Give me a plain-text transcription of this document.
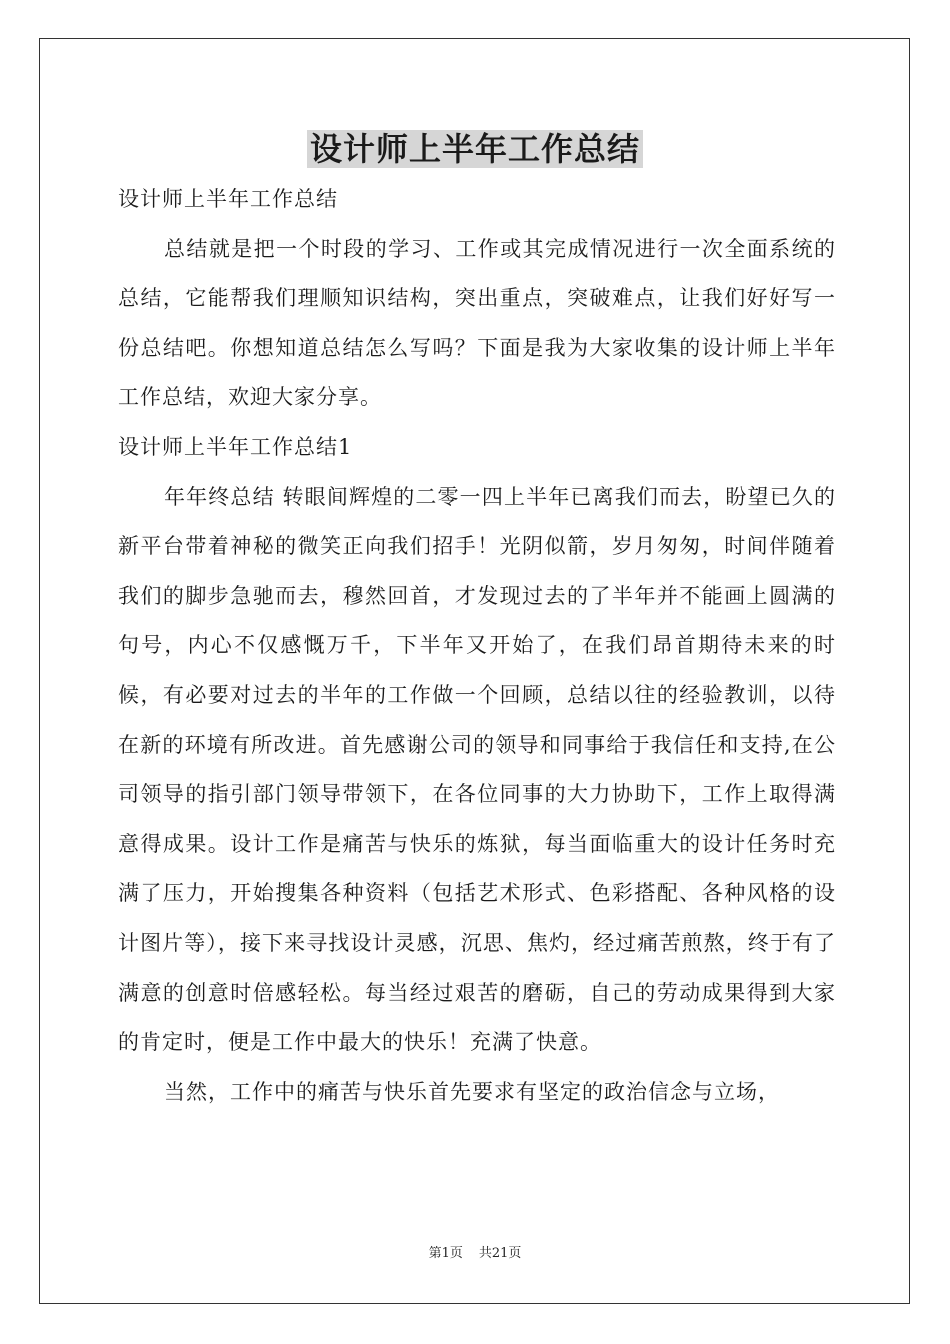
设计师上半年工作总结

设计师上半年工作总结

总结就是把一个时段的学习、工作或其完成情况进行一次全面系统的总结，它能帮我们理顺知识结构，突出重点，突破难点，让我们好好写一份总结吧。你想知道总结怎么写吗？下面是我为大家收集的设计师上半年工作总结，欢迎大家分享。

设计师上半年工作总结1

年年终总结 转眼间辉煌的二零一四上半年已离我们而去，盼望已久的新平台带着神秘的微笑正向我们招手！光阴似箭，岁月匆匆，时间伴随着我们的脚步急驰而去，穆然回首，才发现过去的了半年并不能画上圆满的句号，内心不仅感慨万千，下半年又开始了，在我们昂首期待未来的时候，有必要对过去的半年的工作做一个回顾，总结以往的经验教训，以待在新的环境有所改进。首先感谢公司的领导和同事给于我信任和支持,在公司领导的指引部门领导带领下，在各位同事的大力协助下，工作上取得满意得成果。设计工作是痛苦与快乐的炼狱，每当面临重大的设计任务时充满了压力，开始搜集各种资料（包括艺术形式、色彩搭配、各种风格的设计图片等），接下来寻找设计灵感，沉思、焦灼，经过痛苦煎熬，终于有了满意的创意时倍感轻松。每当经过艰苦的磨砺，自己的劳动成果得到大家的肯定时，便是工作中最大的快乐！充满了快意。

当然，工作中的痛苦与快乐首先要求有坚定的政治信念与立场，

第1页 共21页
